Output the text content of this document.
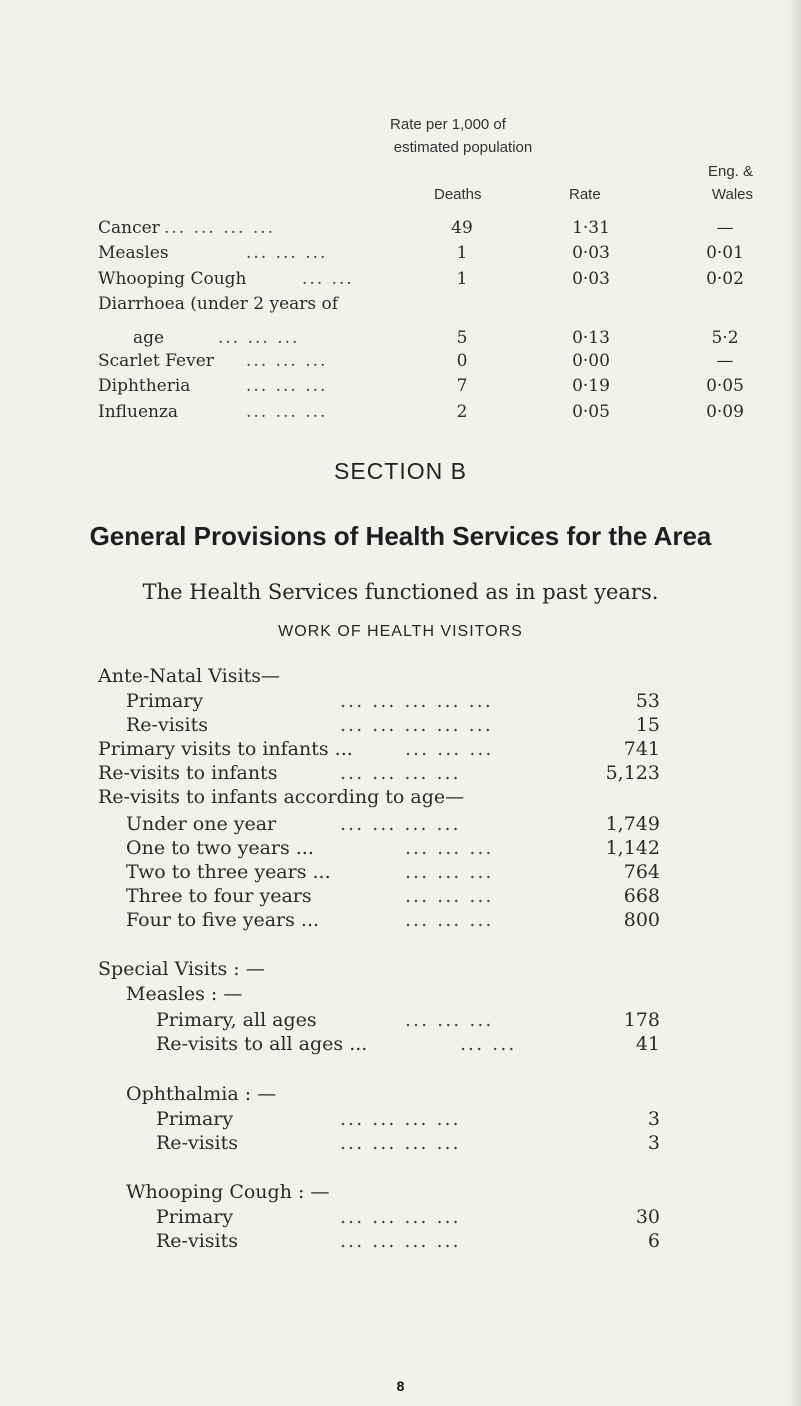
Rate per 1,000 of
estimated population
Eng. &
Deaths	Rate	Wales
Cancer ... ... ... ...	49	1·31	—
Measles	... ... ...	1	0·03	0·01
Whooping Cough	... ...	1	0·03	0·02
Diarrhoea (under 2 years of
age	... ... ...	5	0·13	5·2
Scarlet Fever ... ... ...	0	0·00	—
Diphtheria	... ... ...	7	0·19	0·05
Influenza	... ... ...	2	0·05	0·09
SECTION B
General Provisions of Health Services for the Area
The Health Services functioned as in past years.
WORK OF HEALTH VISITORS
Ante-Natal Visits—
Primary	... ... ... ... ...	53
Re-visits	... ... ... ... ...	15
Primary visits to infants ...	... ... ...	741
Re-visits to infants	... ... ... ...	5,123
Re-visits to infants according to age—
Under one year	... ... ... ...	1,749
One to two years ...	... ... ...	1,142
Two to three years ...	... ... ...	764
Three to four years	... ... ...	668
Four to five years ...	... ... ...	800
Special Visits : —
Measles : —
Primary, all ages	... ... ...	178
Re-visits to all ages ...	... ...	41
Ophthalmia : —
Primary	... ... ... ...	3
Re-visits	... ... ... ...	3
Whooping Cough : —
Primary	... ... ... ...	30
Re-visits	... ... ... ...	6
8
